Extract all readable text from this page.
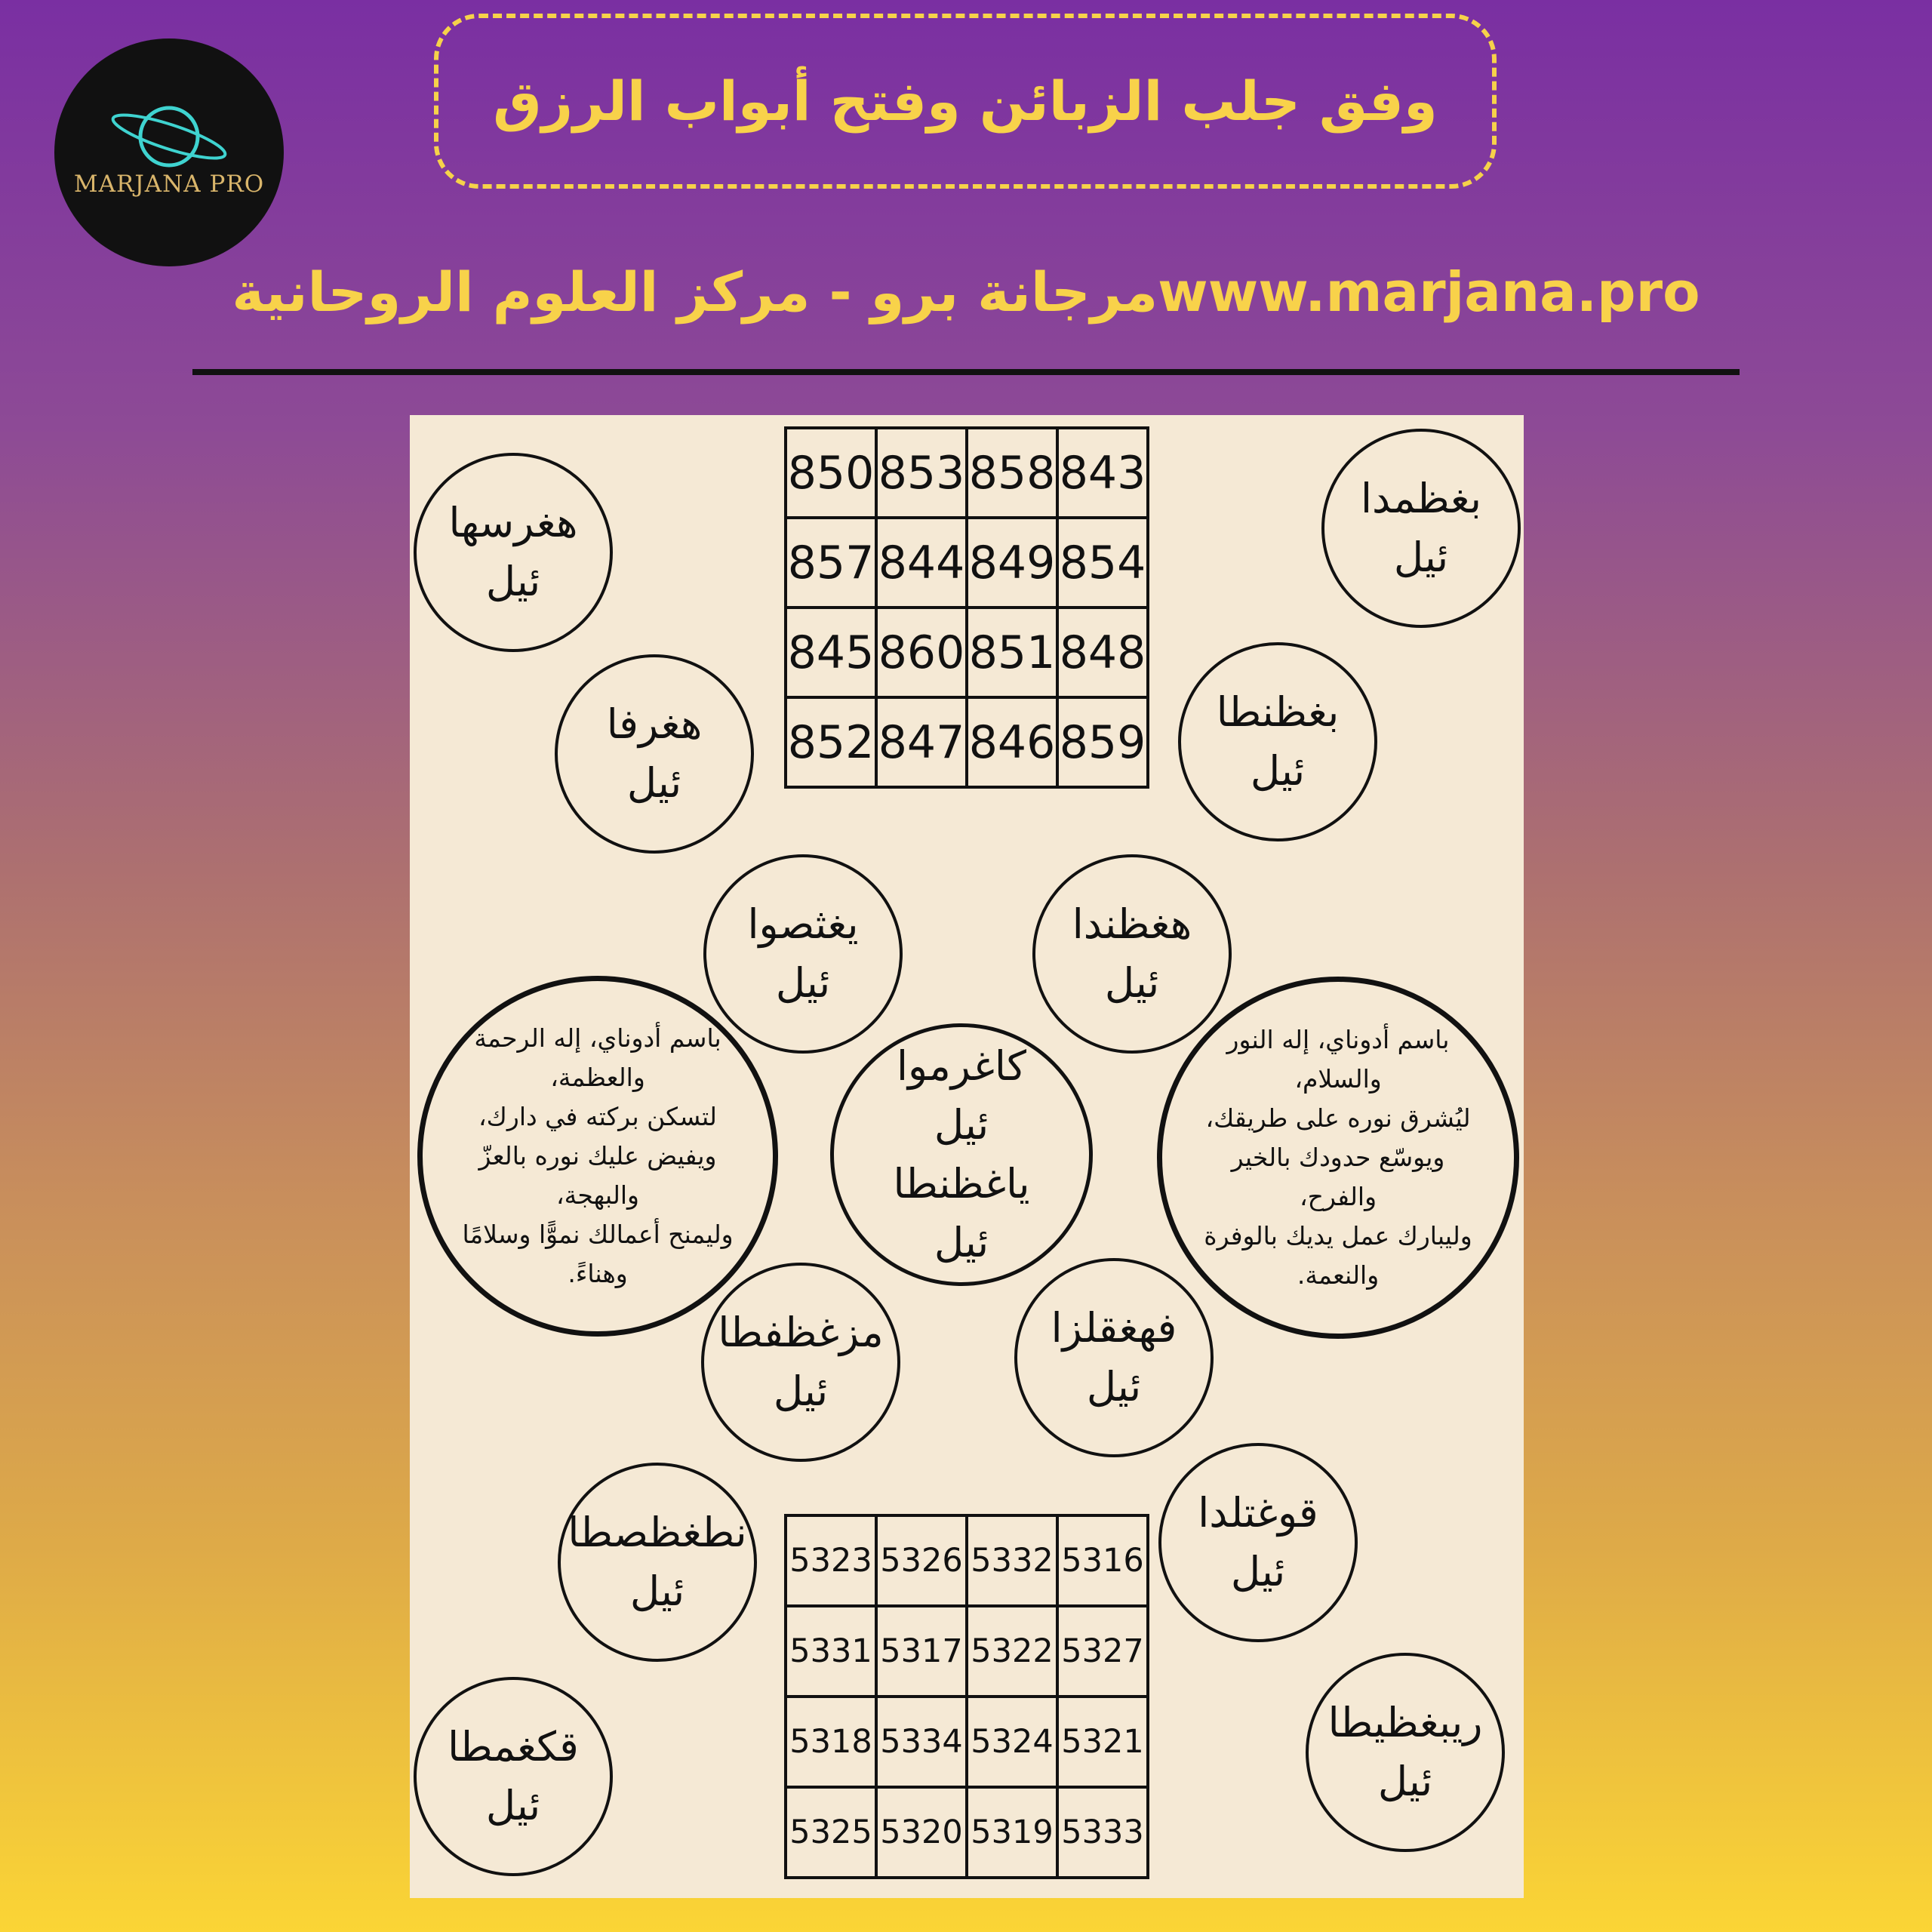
MARJANA PRO
وفق جلب الزبائن وفتح أبواب الرزق
مرجانة برو - مركز العلوم الروحانيةwww.marjana.pro
843	858	853	850
854	849	844	857
848	851	860	845
859	846	847	852
5316	5332	5326	5323
5327	5322	5317	5331
5321	5324	5334	5318
5333	5319	5320	5325
هغرسها
ئيل
بغظمدا
ئيل
هغرفا
ئيل
بغظنطا
ئيل
يغثصوا
ئيل
هغظندا
ئيل
مزغظفطا
ئيل
فهغقلزا
ئيل
نطغظصطا
ئيل
قوغتلدا
ئيل
قكغمطا
ئيل
ريبغظيطا
ئيل
كاغرموا
ئيل
ياغظنطا
ئيل
باسم أدوناي، إله الرحمة
والعظمة،
لتسكن بركته في دارك،
ويفيض عليك نوره بالعزّ
والبهجة،
وليمنح أعمالك نموًّا وسلامًا
وهناءً.
باسم أدوناي، إله النور
والسلام،
ليُشرق نوره على طريقك،
ويوسّع حدودك بالخير
والفرح،
وليبارك عمل يديك بالوفرة
والنعمة.
